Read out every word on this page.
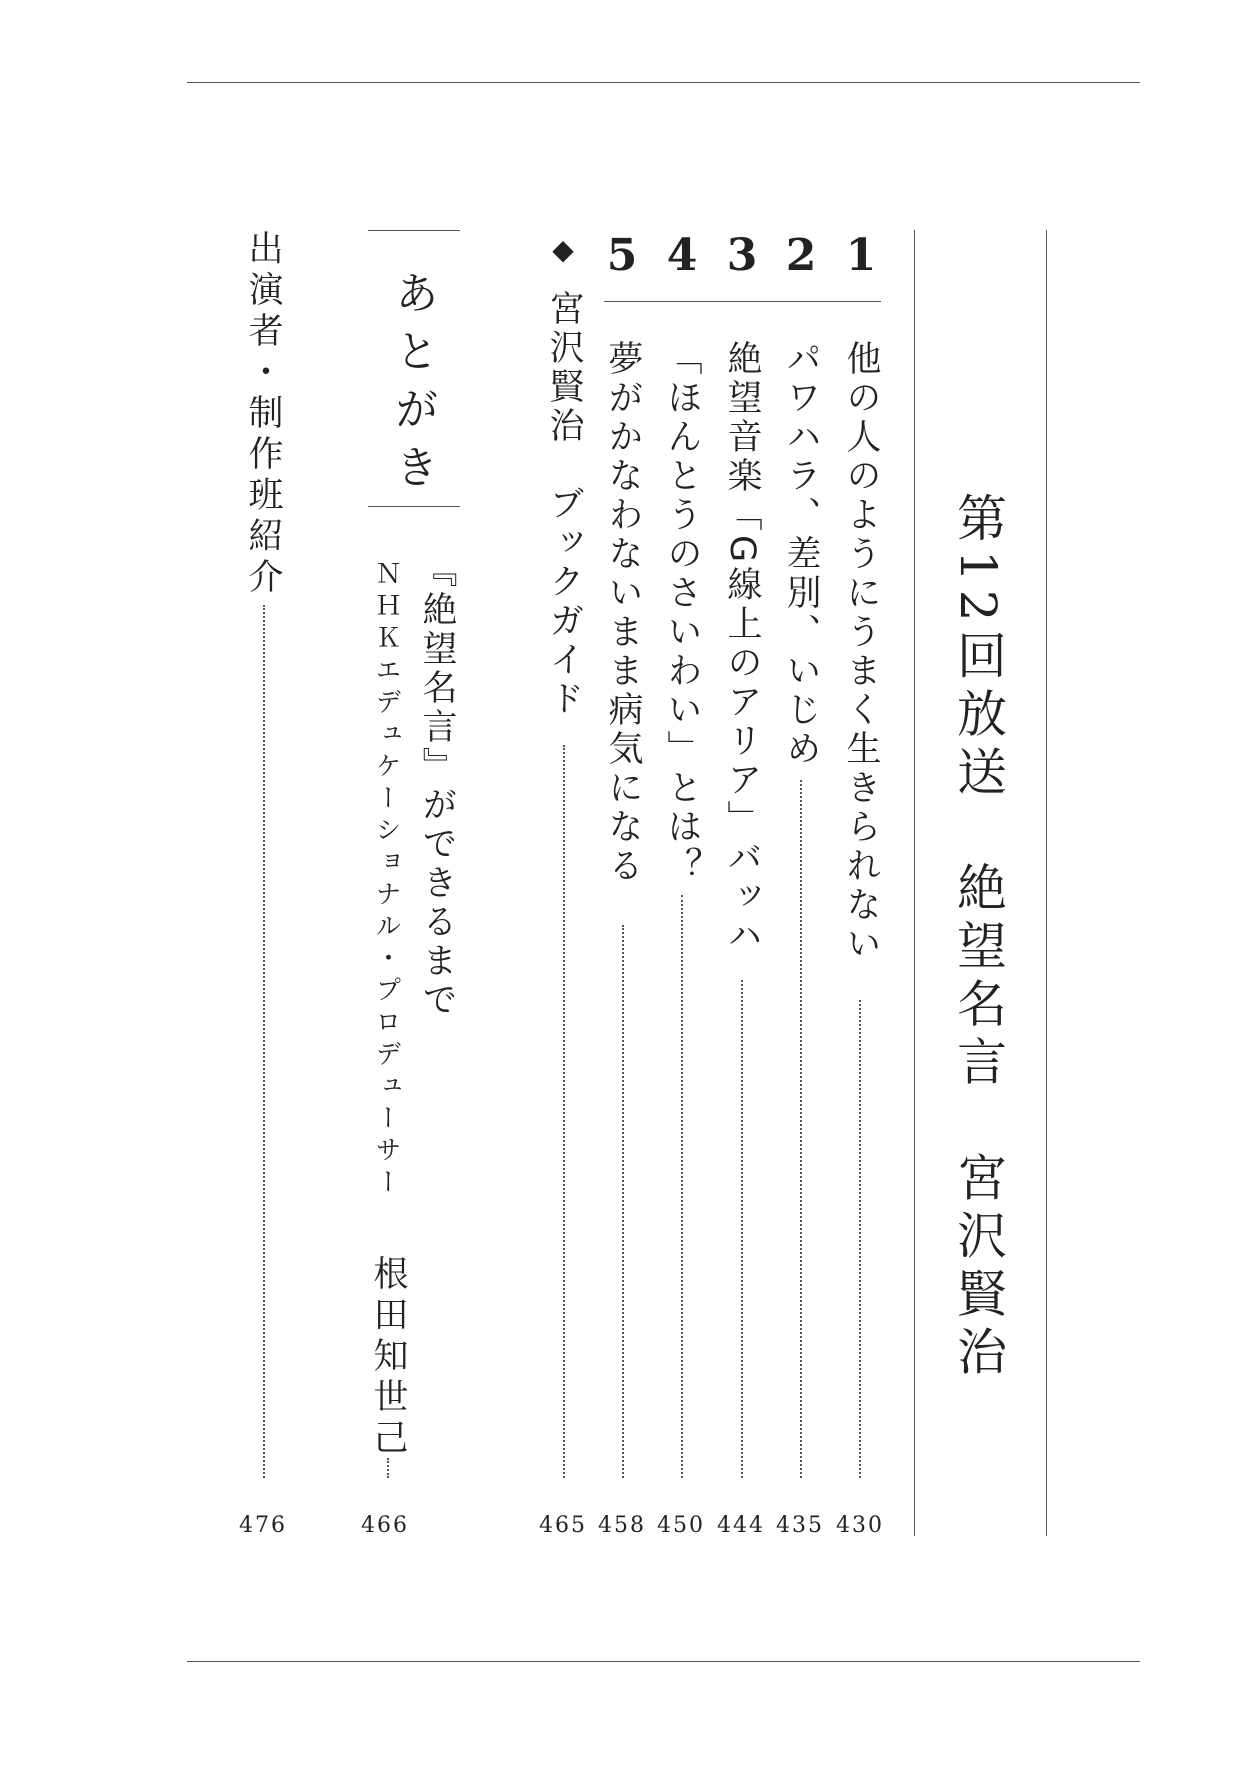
第12回放送　絶望名言　宮沢賢治
1
他の人のようにうまく生きられない
430
2
パワハラ、差別、いじめ
435
3
絶望音楽「G線上のアリア」バッハ
444
4
「ほんとうのさいわい」とは？
450
5
夢がかなわないまま病気になる
458
◆
宮沢賢治　ブックガイド
465
あとがき
『絶望名言』ができるまで
ＮＨＫエデュケーショナル・プロデューサー
根田知世己
466
出演者・制作班紹介
476
